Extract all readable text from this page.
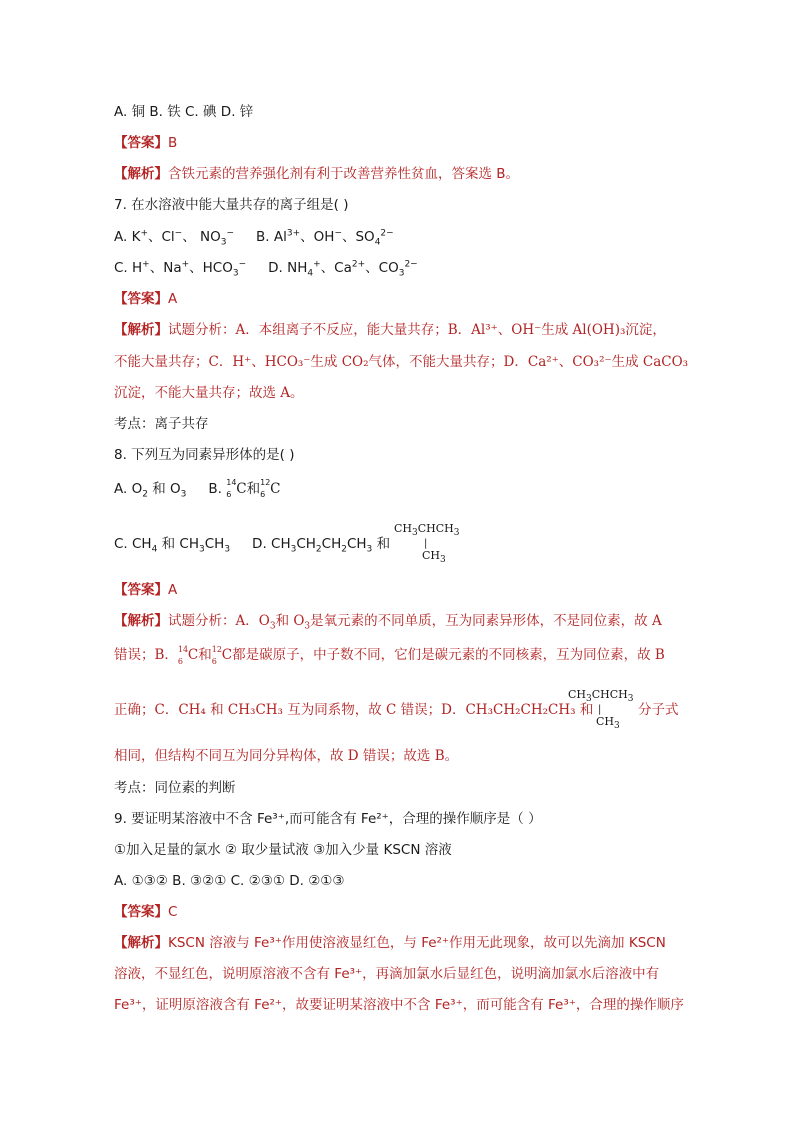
A. 铜 B. 铁 C. 碘 D. 锌
【答案】B
【解析】含铁元素的营养强化剂有利于改善营养性贫血，答案选 B。
7. 在水溶液中能大量共存的离子组是( )
A. K+、Cl−、 $NO_3^-$ B. $Al^{3+}$、OH−、$SO_4^{2-}$
C. H+、Na+、$HCO_3^-$ D. $NH_4^+$、$Ca^{2+}$、$CO_3^{2-}$
【答案】A
【解析】试题分析：A．本组离子不反应，能大量共存；B．Al³⁺、OH⁻生成 Al(OH)₃沉淀，
不能大量共存；C．H⁺、HCO₃⁻生成 CO₂气体，不能大量共存；D．Ca²⁺、CO₃²⁻生成 CaCO₃
沉淀，不能大量共存；故选 A。
考点：离子共存
8. 下列互为同素异形体的是( )
A. $O_2$ 和 $O_3$ B. 14
6 C和 12
6 C
C. $CH_4$ 和 $CH_3CH_3$ D. $CH_3CH_2CH_2CH_3$ 和
$CH_3CHCH_3$
|
$CH_3$
【答案】A
【解析】试题分析：A．$O_3$和 $O_3$是氧元素的不同单质，互为同素异形体，不是同位素，故 A
错误；B． 14
6 C和 12
6 C都是碳原子，中子数不同，它们是碳元素的不同核素，互为同位素，故 B
正确；C．CH₄ 和 CH₃CH₃ 互为同系物，故 C 错误；D．CH₃CH₂CH₂CH₃ 和
$CH_3CHCH_3$
|
$CH_3$
分子式
相同，但结构不同互为同分异构体，故 D 错误；故选 B。
考点：同位素的判断
9. 要证明某溶液中不含 Fe³⁺,而可能含有 Fe²⁺，合理的操作顺序是（ ）
①加入足量的氯水 ② 取少量试液 ③加入少量 KSCN 溶液
A. ①③② B. ③②① C. ②③① D. ②①③
【答案】C
【解析】KSCN 溶液与 Fe³⁺作用使溶液显红色，与 Fe²⁺作用无此现象，故可以先滴加 KSCN
溶液，不显红色，说明原溶液不含有 Fe³⁺，再滴加氯水后显红色，说明滴加氯水后溶液中有
Fe³⁺，证明原溶液含有 Fe²⁺，故要证明某溶液中不含 Fe³⁺，而可能含有 Fe³⁺，合理的操作顺序
